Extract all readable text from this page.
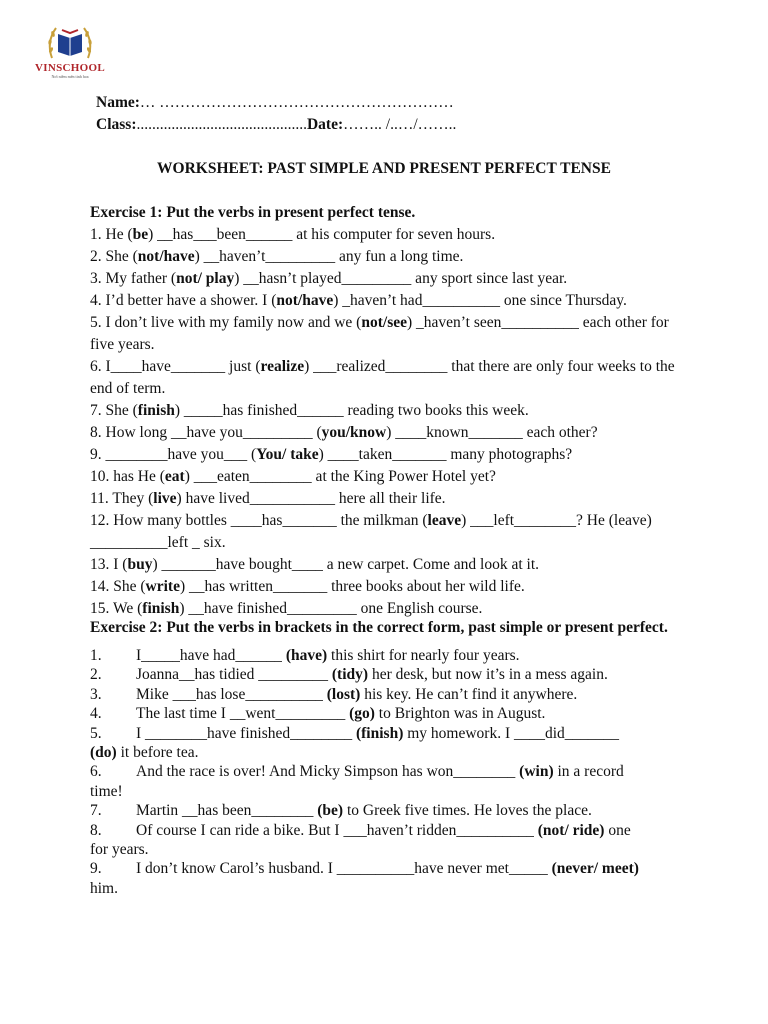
VINSCHOOL
Nơi niềm mến tinh hoa
Name:… …………………………………………………
Class:............................................Date:…….. /..…/……..
WORKSHEET: PAST SIMPLE AND PRESENT PERFECT TENSE
Exercise 1: Put the verbs in present perfect tense.
1. He (be) __has___been______ at his computer for seven hours.
2. She (not/have) __haven’t_________ any fun a long time.
3. My father (not/ play) __hasn’t played_________ any sport since last year.
4. I’d better have a shower. I (not/have) _haven’t had__________ one since Thursday.
5. I don’t live with my family now and we (not/see) _haven’t seen__________ each other for five years.
6. I____have_______ just (realize) ___realized________ that there are only four weeks to the end of term.
7. She (finish) _____has finished______ reading two books this week.
8. How long __have you_________ (you/know) ____known_______ each other?
9. ________have you___ (You/ take) ____taken_______ many photographs?
10. has He (eat) ___eaten________ at the King Power Hotel yet?
11. They (live) have lived___________ here all their life.
12. How many bottles ____has_______ the milkman (leave) ___left________? He (leave) __________left _ six.
13. I (buy) _______have bought____ a new carpet. Come and look at it.
14. She (write) __has written_______ three books about her wild life.
15. We (finish) __have finished_________ one English course.
Exercise 2: Put the verbs in brackets in the correct form, past simple or present perfect.
1.	I_____have had______ (have) this shirt for nearly four years.
2.	Joanna__has tidied _________ (tidy) her desk, but now it’s in a mess again.
3.	Mike ___has lose__________ (lost) his key. He can’t find it anywhere.
4.	The last time I __went_________ (go) to Brighton was in August.
5.	I ________have finished________ (finish) my homework. I ____did_______
(do) it before tea.
6.	And the race is over! And Micky Simpson has won________ (win) in a record
time!
7.	Martin __has been________ (be) to Greek five times. He loves the place.
8.	Of course I can ride a bike. But I ___haven’t ridden__________ (not/ ride) one
for years.
9.	I don’t know Carol’s husband. I __________have never met_____ (never/ meet)
him.
